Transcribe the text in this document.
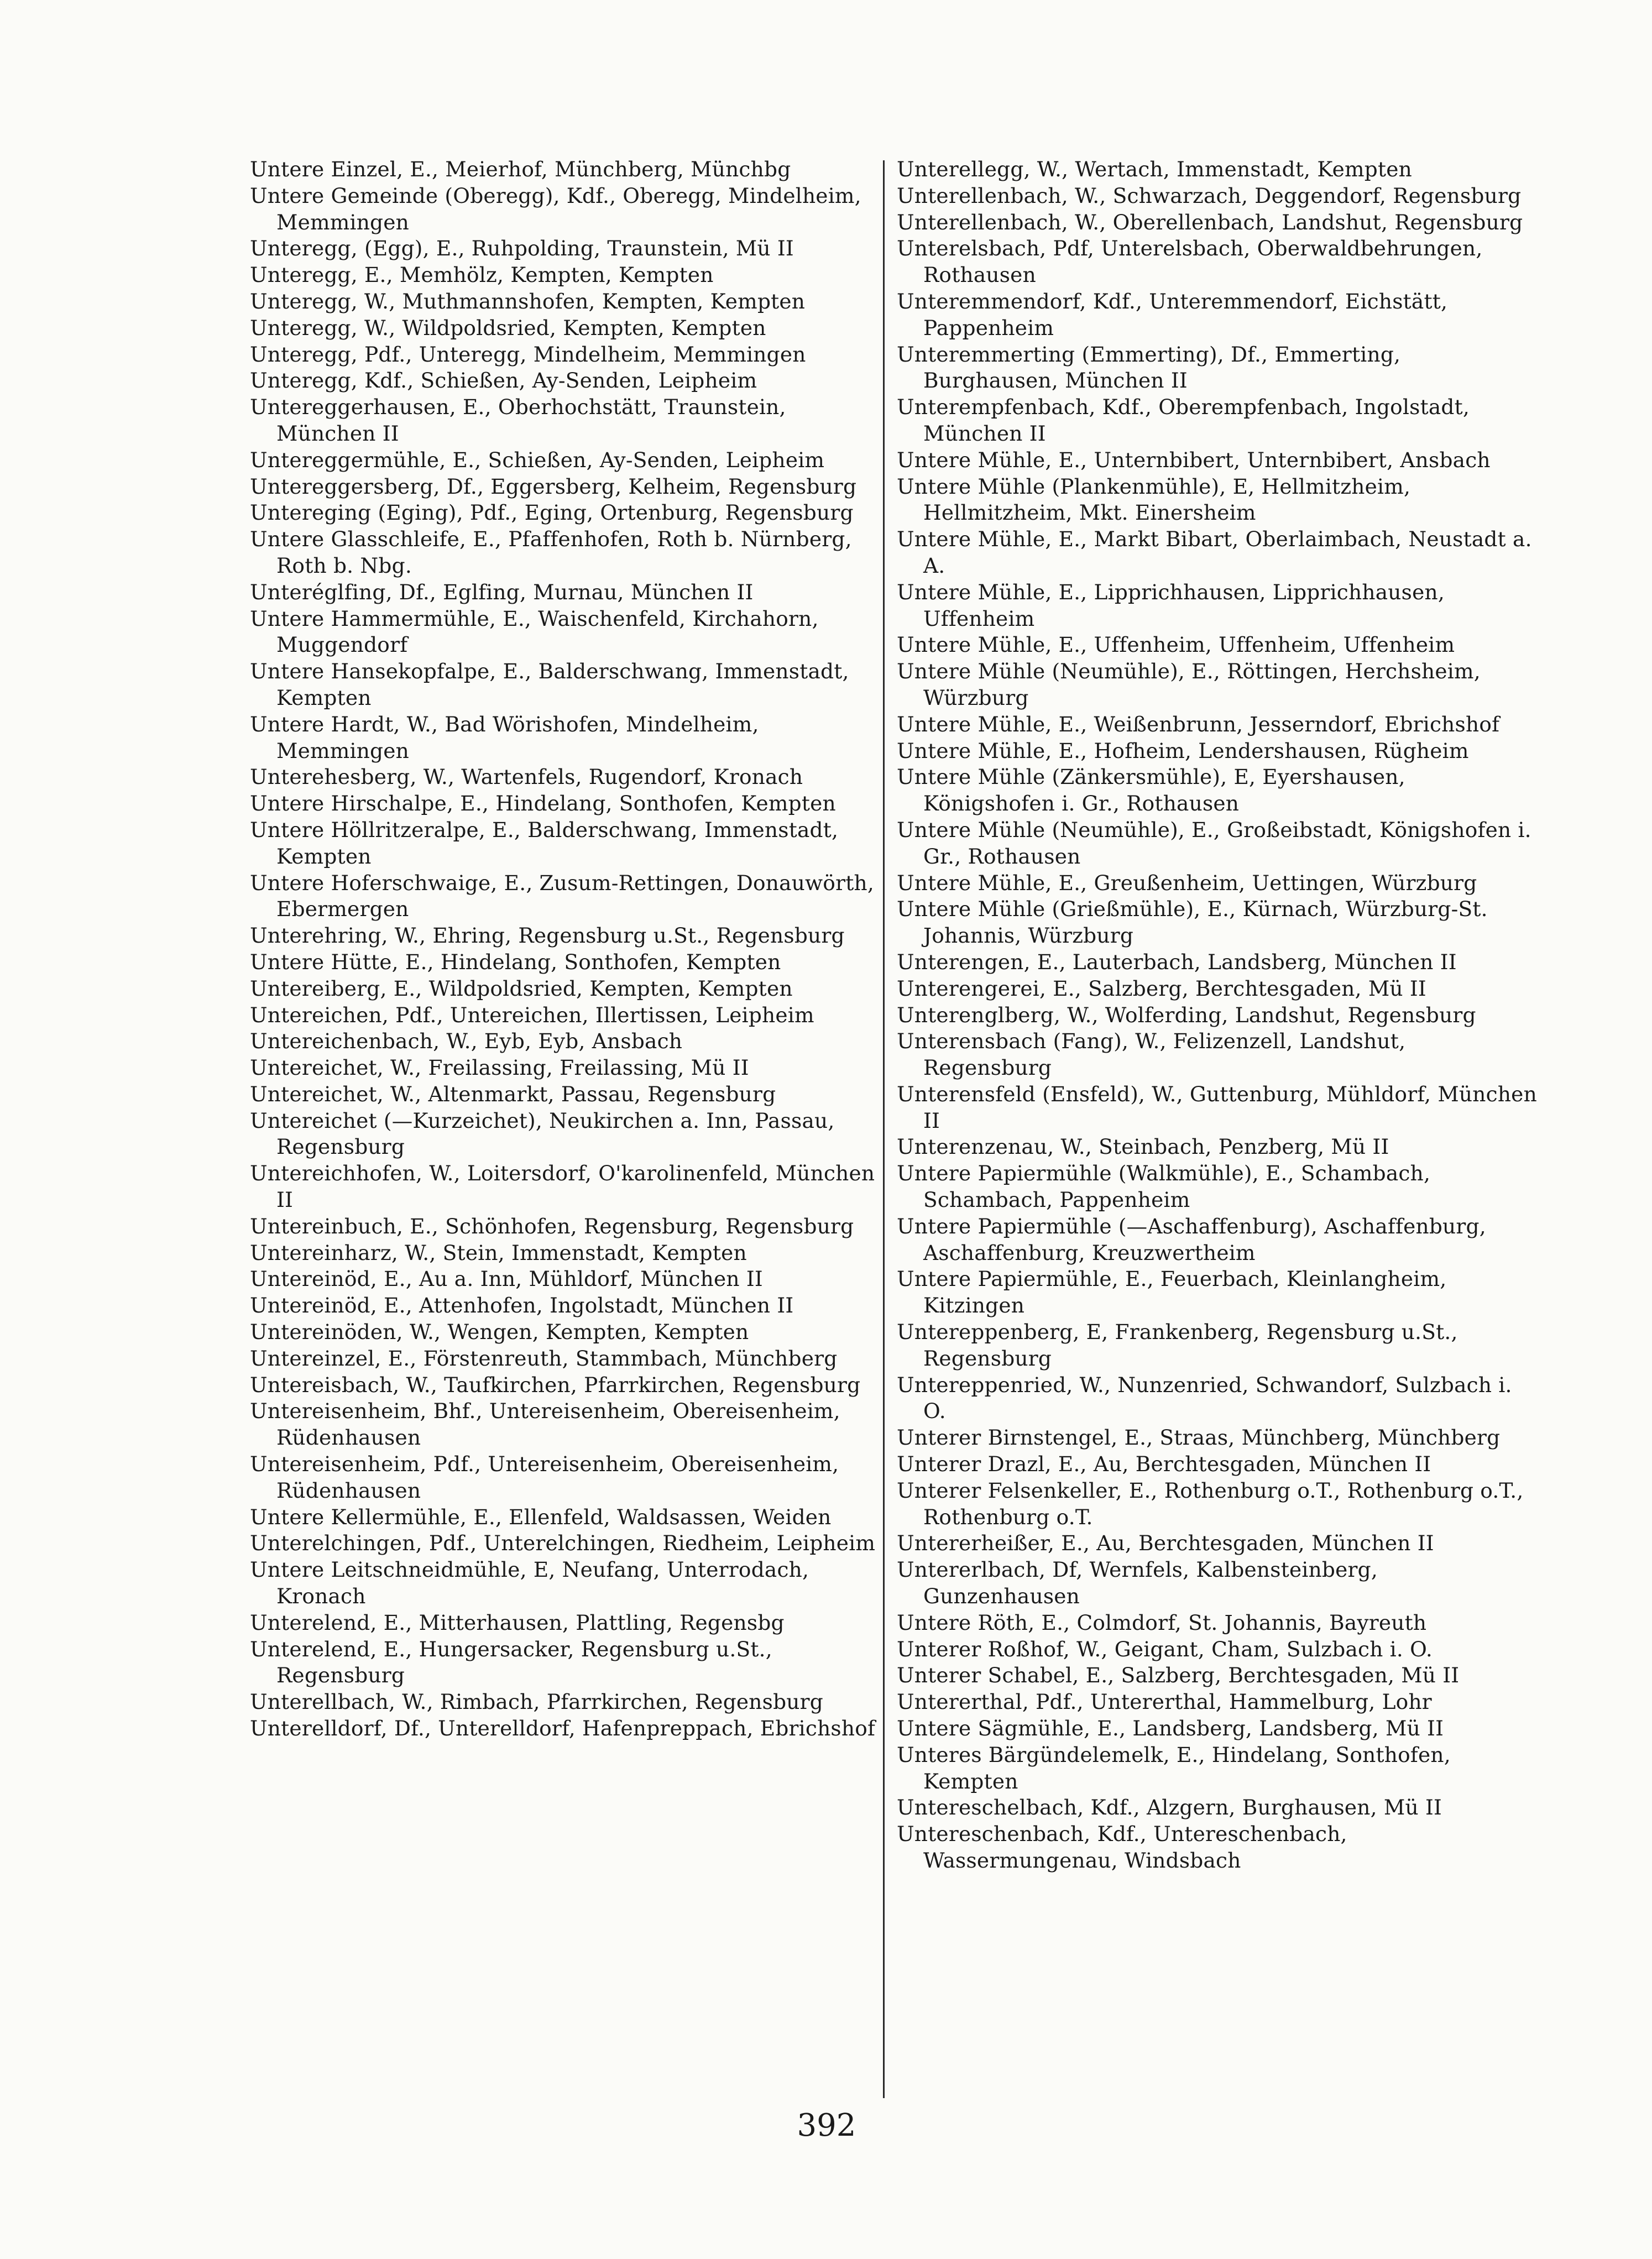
Untere Einzel, E., Meierhof, Münchberg, Münchbg
Untere Gemeinde (Oberegg), Kdf., Oberegg, Mindelheim, Memmingen
Unteregg, (Egg), E., Ruhpolding, Traunstein, Mü II
Unteregg, E., Memhölz, Kempten, Kempten
Unteregg, W., Muthmannshofen, Kempten, Kempten
Unteregg, W., Wildpoldsried, Kempten, Kempten
Unteregg, Pdf., Unteregg, Mindelheim, Memmingen
Unteregg, Kdf., Schießen, Ay-Senden, Leipheim
Untereggerhausen, E., Oberhochstätt, Traunstein, München II
Untereggermühle, E., Schießen, Ay-Senden, Leipheim
Untereggersberg, Df., Eggersberg, Kelheim, Regensburg
Untereging (Eging), Pdf., Eging, Ortenburg, Regensburg
Untere Glasschleife, E., Pfaffenhofen, Roth b. Nürnberg, Roth b. Nbg.
Unteréglfing, Df., Eglfing, Murnau, München II
Untere Hammermühle, E., Waischenfeld, Kirchahorn, Muggendorf
Untere Hansekopfalpe, E., Balderschwang, Immenstadt, Kempten
Untere Hardt, W., Bad Wörishofen, Mindelheim, Memmingen
Unterehesberg, W., Wartenfels, Rugendorf, Kronach
Untere Hirschalpe, E., Hindelang, Sonthofen, Kempten
Untere Höllritzeralpe, E., Balderschwang, Immenstadt, Kempten
Untere Hoferschwaige, E., Zusum-Rettingen, Donauwörth, Ebermergen
Unterehring, W., Ehring, Regensburg u.St., Regensburg
Untere Hütte, E., Hindelang, Sonthofen, Kempten
Untereiberg, E., Wildpoldsried, Kempten, Kempten
Untereichen, Pdf., Untereichen, Illertissen, Leipheim
Untereichenbach, W., Eyb, Eyb, Ansbach
Untereichet, W., Freilassing, Freilassing, Mü II
Untereichet, W., Altenmarkt, Passau, Regensburg
Untereichet (—Kurzeichet), Neukirchen a. Inn, Passau, Regensburg
Untereichhofen, W., Loitersdorf, O'karolinenfeld, München II
Untereinbuch, E., Schönhofen, Regensburg, Regensburg
Untereinharz, W., Stein, Immenstadt, Kempten
Untereinöd, E., Au a. Inn, Mühldorf, München II
Untereinöd, E., Attenhofen, Ingolstadt, München II
Untereinöden, W., Wengen, Kempten, Kempten
Untereinzel, E., Förstenreuth, Stammbach, Münchberg
Untereisbach, W., Taufkirchen, Pfarrkirchen, Regensburg
Untereisenheim, Bhf., Untereisenheim, Obereisenheim, Rüdenhausen
Untereisenheim, Pdf., Untereisenheim, Obereisenheim, Rüdenhausen
Untere Kellermühle, E., Ellenfeld, Waldsassen, Weiden
Unterelchingen, Pdf., Unterelchingen, Riedheim, Leipheim
Untere Leitschneidmühle, E, Neufang, Unterrodach, Kronach
Unterelend, E., Mitterhausen, Plattling, Regensbg
Unterelend, E., Hungersacker, Regensburg u.St., Regensburg
Unterellbach, W., Rimbach, Pfarrkirchen, Regensburg
Unterelldorf, Df., Unterelldorf, Hafenpreppach, Ebrichshof
Unterellegg, W., Wertach, Immenstadt, Kempten
Unterellenbach, W., Schwarzach, Deggendorf, Regensburg
Unterellenbach, W., Oberellenbach, Landshut, Regensburg
Unterelsbach, Pdf, Unterelsbach, Oberwaldbehrungen, Rothausen
Unteremmendorf, Kdf., Unteremmendorf, Eichstätt, Pappenheim
Unteremmerting (Emmerting), Df., Emmerting, Burghausen, München II
Unterempfenbach, Kdf., Oberempfenbach, Ingolstadt, München II
Untere Mühle, E., Unternbibert, Unternbibert, Ansbach
Untere Mühle (Plankenmühle), E, Hellmitzheim, Hellmitzheim, Mkt. Einersheim
Untere Mühle, E., Markt Bibart, Oberlaimbach, Neustadt a. A.
Untere Mühle, E., Lipprichhausen, Lipprichhausen, Uffenheim
Untere Mühle, E., Uffenheim, Uffenheim, Uffenheim
Untere Mühle (Neumühle), E., Röttingen, Herchsheim, Würzburg
Untere Mühle, E., Weißenbrunn, Jesserndorf, Ebrichshof
Untere Mühle, E., Hofheim, Lendershausen, Rügheim
Untere Mühle (Zänkersmühle), E, Eyershausen, Königshofen i. Gr., Rothausen
Untere Mühle (Neumühle), E., Großeibstadt, Königshofen i. Gr., Rothausen
Untere Mühle, E., Greußenheim, Uettingen, Würzburg
Untere Mühle (Grießmühle), E., Kürnach, Würzburg-St. Johannis, Würzburg
Unterengen, E., Lauterbach, Landsberg, München II
Unterengerei, E., Salzberg, Berchtesgaden, Mü II
Unterenglberg, W., Wolferding, Landshut, Regensburg
Unterensbach (Fang), W., Felizenzell, Landshut, Regensburg
Unterensfeld (Ensfeld), W., Guttenburg, Mühldorf, München II
Unterenzenau, W., Steinbach, Penzberg, Mü II
Untere Papiermühle (Walkmühle), E., Schambach, Schambach, Pappenheim
Untere Papiermühle (—Aschaffenburg), Aschaffenburg, Aschaffenburg, Kreuzwertheim
Untere Papiermühle, E., Feuerbach, Kleinlangheim, Kitzingen
Untereppenberg, E, Frankenberg, Regensburg u.St., Regensburg
Untereppenried, W., Nunzenried, Schwandorf, Sulzbach i. O.
Unterer Birnstengel, E., Straas, Münchberg, Münchberg
Unterer Drazl, E., Au, Berchtesgaden, München II
Unterer Felsenkeller, E., Rothenburg o.T., Rothenburg o.T., Rothenburg o.T.
Untererheißer, E., Au, Berchtesgaden, München II
Untererlbach, Df, Wernfels, Kalbensteinberg, Gunzenhausen
Untere Röth, E., Colmdorf, St. Johannis, Bayreuth
Unterer Roßhof, W., Geigant, Cham, Sulzbach i. O.
Unterer Schabel, E., Salzberg, Berchtesgaden, Mü II
Untererthal, Pdf., Untererthal, Hammelburg, Lohr
Untere Sägmühle, E., Landsberg, Landsberg, Mü II
Unteres Bärgündelemelk, E., Hindelang, Sonthofen, Kempten
Untereschelbach, Kdf., Alzgern, Burghausen, Mü II
Untereschenbach, Kdf., Untereschenbach, Wassermungenau, Windsbach
392
